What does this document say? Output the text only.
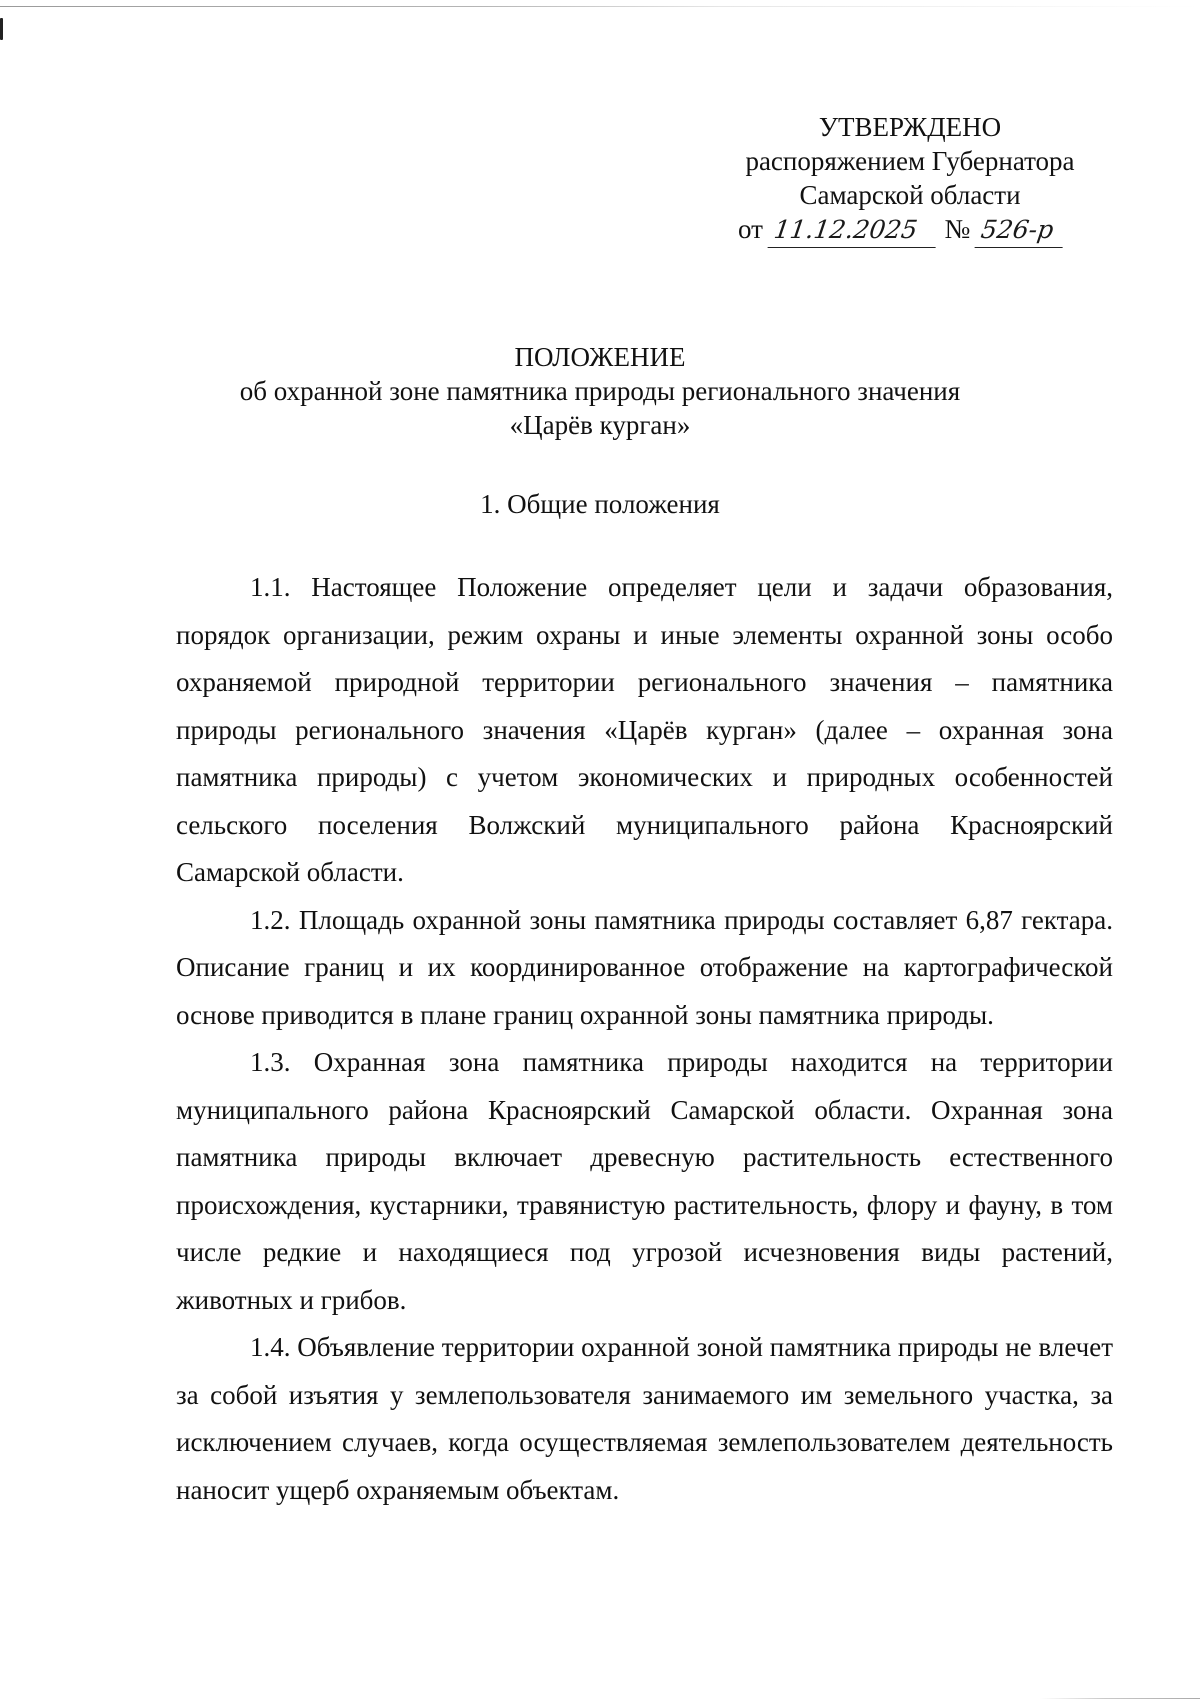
УТВЕРЖДЕНО
распоряжением Губернатора
Самарской области
от 11.12.2025 № 526-р
ПОЛОЖЕНИЕ
об охранной зоне памятника природы регионального значения
«Царёв курган»
1. Общие положения

1.1. Настоящее Положение определяет цели и задачи образования, порядок организации, режим охраны и иные элементы охранной зоны особо охраняемой природной территории регионального значения – памятника природы регионального значения «Царёв курган» (далее – охранная зона памятника природы) с учетом экономических и природных особенностей сельского поселения Волжский муниципального района Красноярский Самарской области.

1.2. Площадь охранной зоны памятника природы составляет 6,87 гектара. Описание границ и их координированное отображение на картографической основе приводится в плане границ охранной зоны памятника природы.

1.3. Охранная зона памятника природы находится на территории муниципального района Красноярский Самарской области. Охранная зона памятника природы включает древесную растительность естественного происхождения, кустарники, травянистую растительность, флору и фауну, в том числе редкие и находящиеся под угрозой исчезновения виды растений, животных и грибов.

1.4. Объявление территории охранной зоной памятника природы не влечет за собой изъятия у землепользователя занимаемого им земельного участка, за исключением случаев, когда осуществляемая землепользователем деятельность наносит ущерб охраняемым объектам.
